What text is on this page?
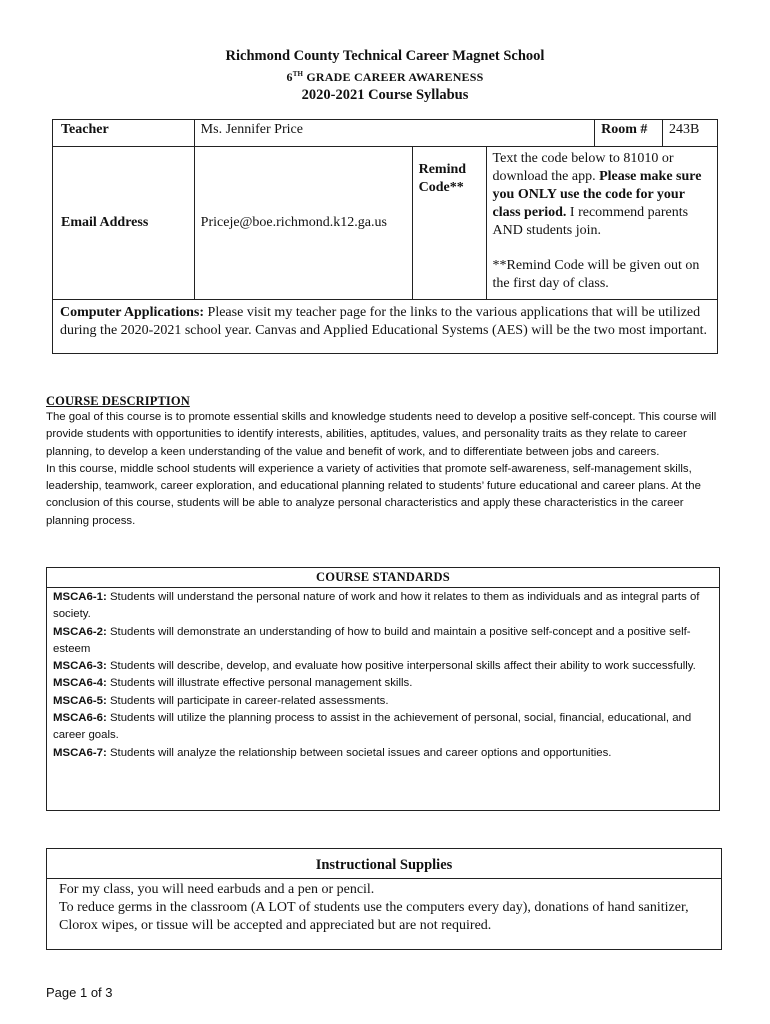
Richmond County Technical Career Magnet School
6TH GRADE CAREER AWARENESS
2020-2021 Course Syllabus
Teacher	Ms. Jennifer Price			Room #	243B
Email Address	Priceje@boe.richmond.k12.ga.us	Remind Code**	Text the code below to 81010 or download the app. Please make sure you ONLY use the code for your class period. I recommend parents AND students join.

**Remind Code will be given out on the first day of class.		

Computer Applications: Please visit my teacher page for the links to the various applications that will be utilized during the 2020-2021 school year. Canvas and Applied Educational Systems (AES) will be the two most important.					
COURSE DESCRIPTION

The goal of this course is to promote essential skills and knowledge students need to develop a positive self-concept. This course will provide students with opportunities to identify interests, abilities, aptitudes, values, and personality traits as they relate to career planning, to develop a keen understanding of the value and benefit of work, and to differentiate between jobs and careers.

In this course, middle school students will experience a variety of activities that promote self-awareness, self-management skills, leadership, teamwork, career exploration, and educational planning related to students’ future educational and career plans. At the conclusion of this course, students will be able to analyze personal characteristics and apply these characteristics in the career planning process.

COURSE STANDARDS
MSCA6-1: Students will understand the personal nature of work and how it relates to them as individuals and as integral parts of society.
MSCA6-2: Students will demonstrate an understanding of how to build and maintain a positive self-concept and a positive self-esteem
MSCA6-3: Students will describe, develop, and evaluate how positive interpersonal skills affect their ability to work successfully.
MSCA6-4: Students will illustrate effective personal management skills.
MSCA6-5: Students will participate in career-related assessments.
MSCA6-6: Students will utilize the planning process to assist in the achievement of personal, social, financial, educational, and career goals.
MSCA6-7: Students will analyze the relationship between societal issues and career options and opportunities.
Instructional Supplies

For my class, you will need earbuds and a pen or pencil.
To reduce germs in the classroom (A LOT of students use the computers every day), donations of hand sanitizer, Clorox wipes, or tissue will be accepted and appreciated but are not required.

Page 1 of 3
